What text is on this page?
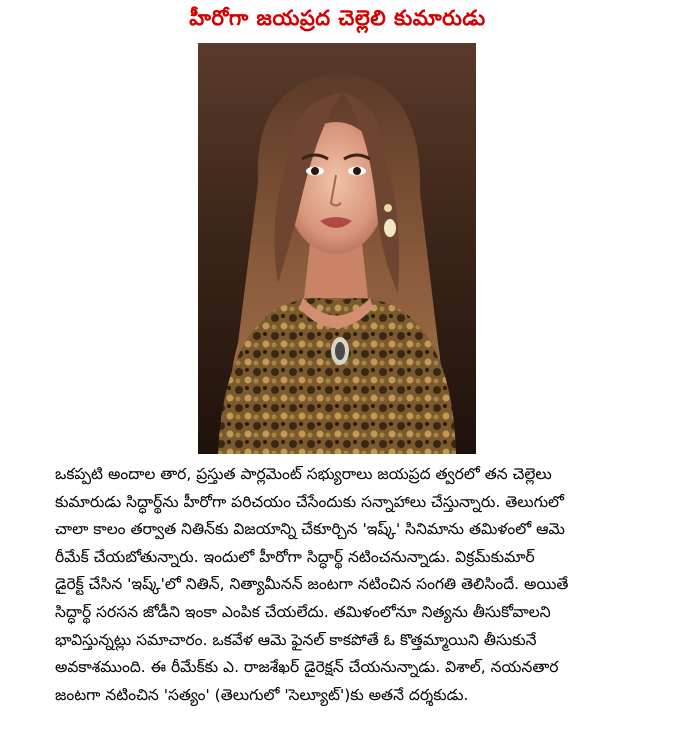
హీరోగా జయప్రద చెల్లెలి కుమారుడు
ఒకప్పటి అందాల తార, ప్రస్తుత పార్లమెంట్ సభ్యురాలు జయప్రద త్వరలో తన చెల్లెలు
కుమారుడు సిద్ధార్థ్‌ను హీరోగా పరిచయం చేసేందుకు సన్నాహాలు చేస్తున్నారు. తెలుగులో
చాలా కాలం తర్వాత నితిన్‌కు విజయాన్ని చేకూర్చిన 'ఇష్క్' సినిమాను తమిళంలో ఆమె
రీమేక్ చేయబోతున్నారు. ఇందులో హీరోగా సిద్ధార్థ్ నటించనున్నాడు. విక్రమ్‌కుమార్
డైరెక్ట్ చేసిన 'ఇష్క్'లో నితిన్, నిత్యామీనన్ జంటగా నటించిన సంగతి తెలిసిందే. అయితే
సిద్ధార్థ్ సరసన జోడీని ఇంకా ఎంపిక చేయలేదు. తమిళంలోనూ నిత్యను తీసుకోవాలని
భావిస్తున్నట్లు సమాచారం. ఒకవేళ ఆమె ఫైనల్ కాకపోతే ఓ కొత్తమ్మాయిని తీసుకునే
అవకాశముంది. ఈ రీమేక్‌కు ఎ. రాజశేఖర్ డైరెక్షన్ చేయనున్నాడు. విశాల్, నయనతార
జంటగా నటించిన 'సత్యం' (తెలుగులో 'సెల్యూట్')కు అతనే దర్శకుడు.
